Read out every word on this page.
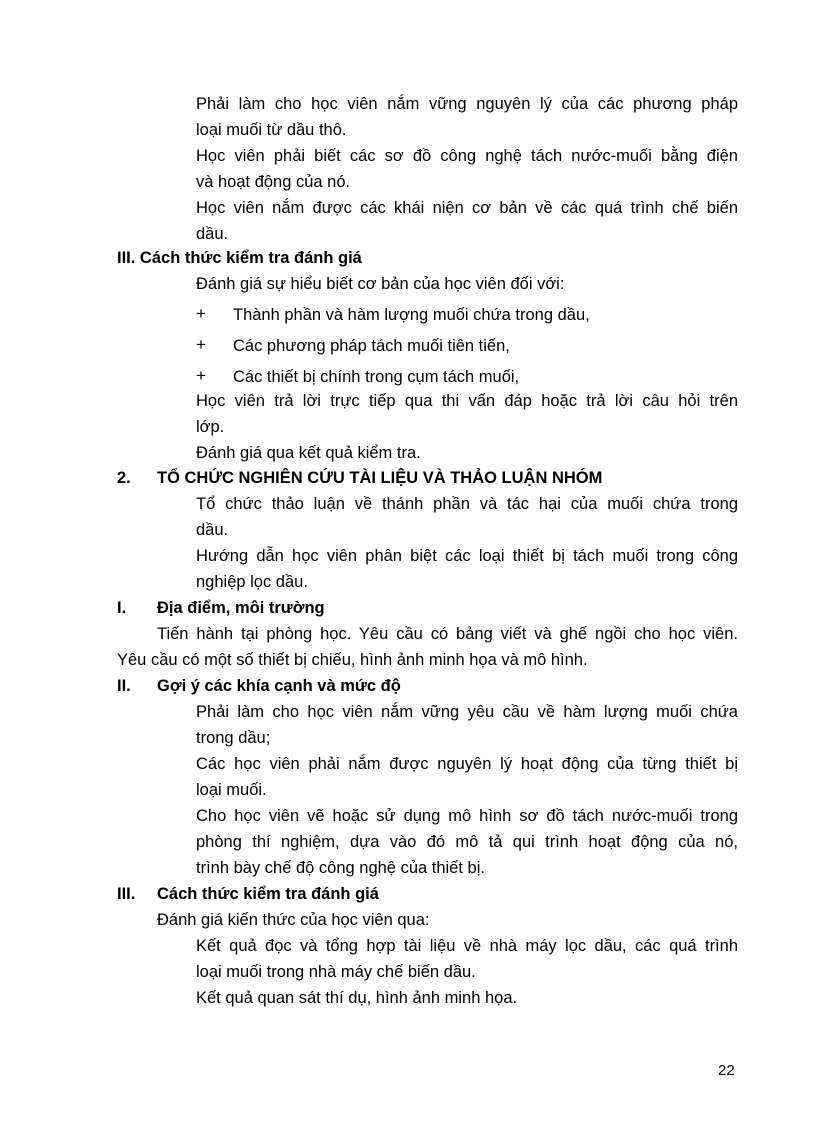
Phải làm cho học viên nắm vững nguyên lý của các phương pháp
loại muối từ dầu thô.
Học viên phải biết các sơ đồ công nghệ tách nước-muối bằng điện
và hoạt động của nó.
Học viên nắm được các khái niện cơ bản về các quá trình chế biến
dầu.
III. Cách thức kiểm tra đánh giá
Đánh giá sự hiểu biết cơ bản của học viên đối với:
+ Thành phần và hàm lượng muối chứa trong dầu,
+ Các phương pháp tách muối tiên tiến,
+ Các thiết bị chính trong cụm tách muối,
Học viên trả lời trực tiếp qua thi vấn đáp hoặc trả lời câu hỏi trên
lớp.
Đánh giá qua kết quả kiểm tra.
2. TỔ CHỨC NGHIÊN CỨU TÀI LIỆU VÀ THẢO LUẬN NHÓM
Tổ chức thảo luận về thánh phần và tác hại của muối chứa trong
dầu.
Hướng dẫn học viên phân biệt các loại thiết bị tách muối trong công
nghiệp lọc dầu.
I. Địa điểm, môi trường
Tiến hành tại phòng học. Yêu cầu có bảng viết và ghế ngồi cho học viên.
Yêu cầu có một số thiết bị chiếu, hình ảnh minh họa và mô hình.
II. Gợi ý các khía cạnh và mức độ
Phải làm cho học viên nắm vững yêu cầu về hàm lượng muối chứa
trong dầu;
Các học viên phải nắm được nguyên lý hoạt động của từng thiết bị
loại muối.
Cho học viên vẽ hoặc sử dụng mô hình sơ đồ tách nước-muối trong
phòng thí nghiệm, dựa vào đó mô tả qui trình hoạt động của nó,
trình bày chế độ công nghệ của thiết bị.
III. Cách thức kiểm tra đánh giá
Đánh giá kiến thức của học viên qua:
Kết quả đọc và tổng hợp tài liệu về nhà máy lọc dầu, các quá trình
loại muối trong nhà máy chế biến dầu.
Kết quả quan sát thí dụ, hình ảnh minh họa.
22
